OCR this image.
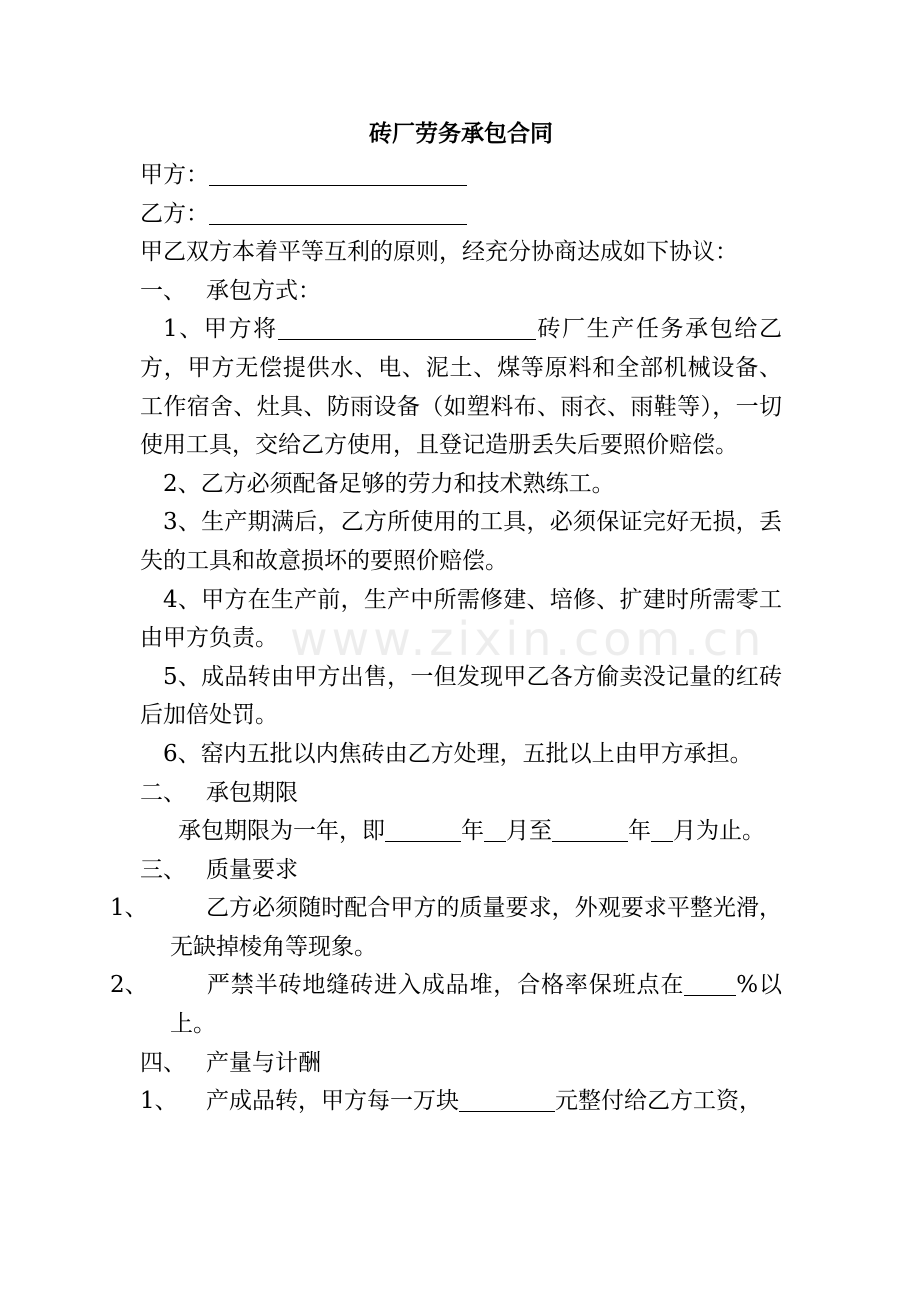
www.zixin.com.cn
砖厂劳务承包合同
甲方：
乙方：
甲乙双方本着平等互利的原则，经充分协商达成如下协议：
一、 承包方式：
1、甲方将	砖厂生产任务承包给乙方，甲方无偿提供水、电、泥土、煤等原料和全部机械设备、工作宿舍、灶具、防雨设备（如塑料布、雨衣、雨鞋等），一切使用工具，交给乙方使用，且登记造册丢失后要照价赔偿。
2、乙方必须配备足够的劳力和技术熟练工。
3、生产期满后，乙方所使用的工具，必须保证完好无损，丢失的工具和故意损坏的要照价赔偿。
4、甲方在生产前，生产中所需修建、培修、扩建时所需零工由甲方负责。
5、成品转由甲方出售，一但发现甲乙各方偷卖没记量的红砖后加倍处罚。
6、窑内五批以内焦砖由乙方处理，五批以上由甲方承担。
二、 承包期限
承包期限为一年，即	年 月至	年 月为止。
三、 质量要求
1、	乙方必须随时配合甲方的质量要求，外观要求平整光滑，无缺掉棱角等现象。
2、	严禁半砖地缝砖进入成品堆，合格率保班点在 %以上。
四、 产量与计酬
1、 产成品转，甲方每一万块	元整付给乙方工资，
